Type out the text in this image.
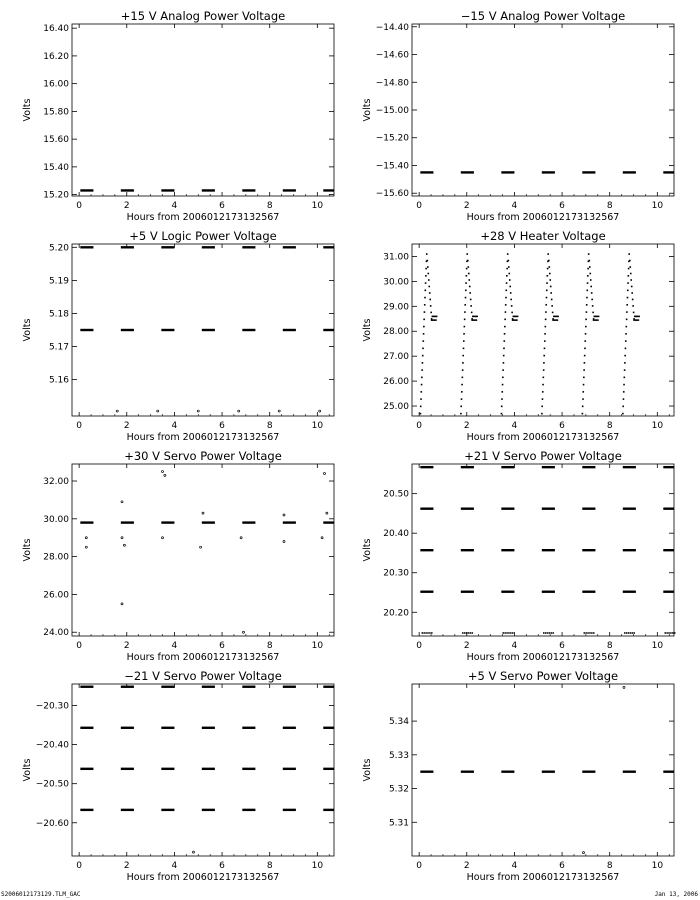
+15 V Analog Power Voltage
0	2	4	6	8	10
15.20
15.40
15.60
15.80
16.00
16.20
16.40
Hours from 2006012173132567
Volts
−15 V Analog Power Voltage
0	2	4	6	8	10
−14.40
−14.60
−14.80
−15.00
−15.20
−15.40
−15.60
Hours from 2006012173132567
Volts
+5 V Logic Power Voltage
0	2	4	6	8	10
5.16
5.17
5.18
5.19
5.20
Hours from 2006012173132567
Volts
+28 V Heater Voltage
0	2	4	6	8	10
25.00
26.00
27.00
28.00
29.00
30.00
31.00
Hours from 2006012173132567
Volts
+30 V Servo Power Voltage
0	2	4	6	8	10
24.00
26.00
28.00
30.00
32.00
Hours from 2006012173132567
Volts
+21 V Servo Power Voltage
0	2	4	6	8	10
20.20
20.30
20.40
20.50
Hours from 2006012173132567
Volts
−21 V Servo Power Voltage
0	2	4	6	8	10
−20.30
−20.40
−20.50
−20.60
Hours from 2006012173132567
Volts
+5 V Servo Power Voltage
0	2	4	6	8	10
5.31
5.32
5.33
5.34
Hours from 2006012173132567
Volts
S2006012173129.TLM_GAC	Jan 13, 2006
